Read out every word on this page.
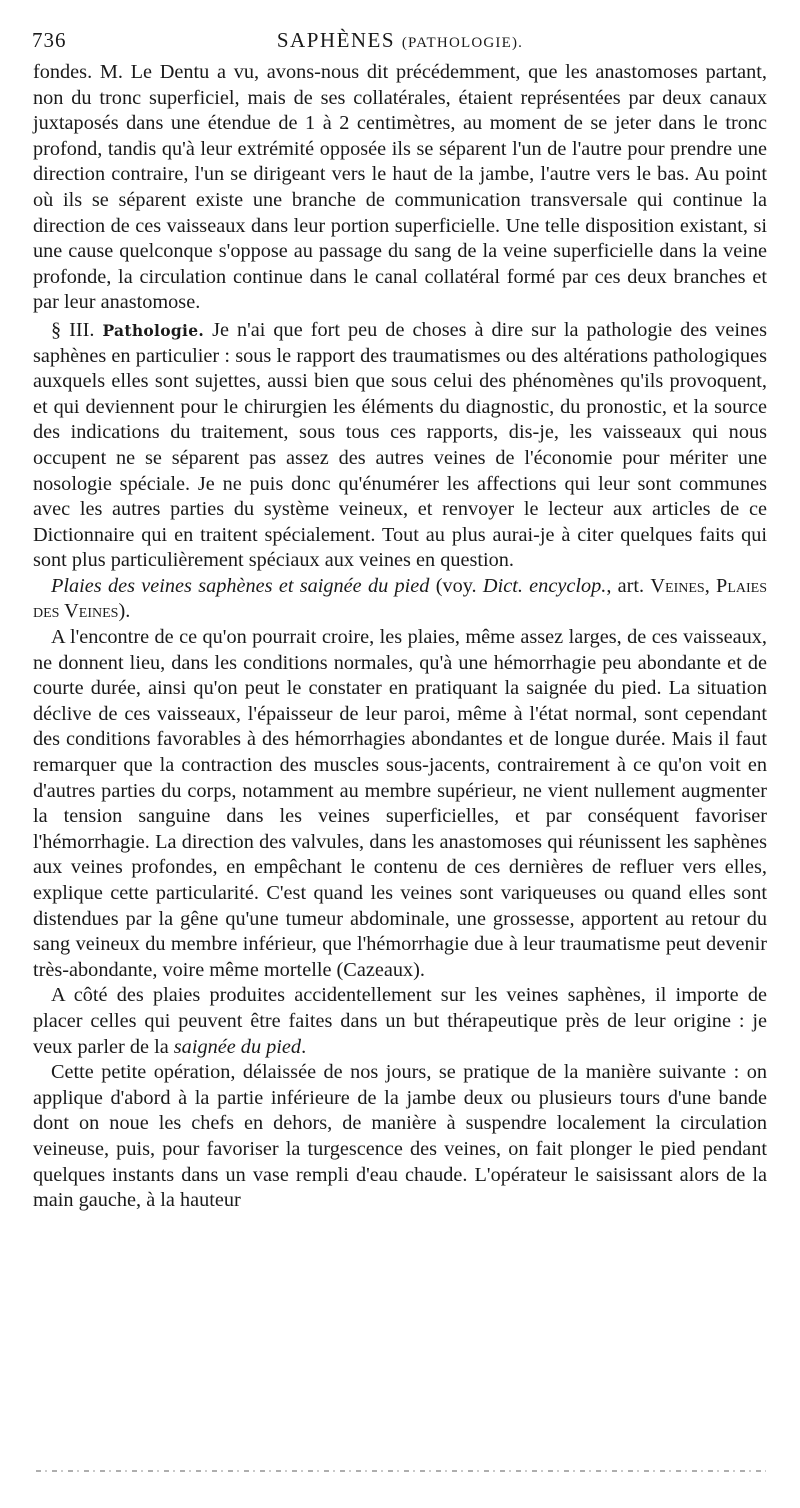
736	SAPHÈNES (PATHOLOGIE).

fondes. M. Le Dentu a vu, avons-nous dit précédemment, que les anastomoses partant, non du tronc superficiel, mais de ses collatérales, étaient représentées par deux canaux juxtaposés dans une étendue de 1 à 2 centimètres, au moment de se jeter dans le tronc profond, tandis qu'à leur extrémité opposée ils se séparent l'un de l'autre pour prendre une direction contraire, l'un se dirigeant vers le haut de la jambe, l'autre vers le bas. Au point où ils se séparent existe une branche de communication transversale qui continue la direction de ces vaisseaux dans leur portion superficielle. Une telle disposition existant, si une cause quelconque s'oppose au passage du sang de la veine superficielle dans la veine profonde, la circulation continue dans le canal collatéral formé par ces deux branches et par leur anastomose.

§ III. Pathologie. Je n'ai que fort peu de choses à dire sur la pathologie des veines saphènes en particulier : sous le rapport des traumatismes ou des altérations pathologiques auxquels elles sont sujettes, aussi bien que sous celui des phénomènes qu'ils provoquent, et qui deviennent pour le chirurgien les éléments du diagnostic, du pronostic, et la source des indications du traitement, sous tous ces rapports, dis-je, les vaisseaux qui nous occupent ne se séparent pas assez des autres veines de l'économie pour mériter une nosologie spéciale. Je ne puis donc qu'énumérer les affections qui leur sont communes avec les autres parties du système veineux, et renvoyer le lecteur aux articles de ce Dictionnaire qui en traitent spécialement. Tout au plus aurai-je à citer quelques faits qui sont plus particulièrement spéciaux aux veines en question.

Plaies des veines saphènes et saignée du pied (voy. Dict. encyclop., art. Veines, Plaies des Veines).

A l'encontre de ce qu'on pourrait croire, les plaies, même assez larges, de ces vaisseaux, ne donnent lieu, dans les conditions normales, qu'à une hémorrhagie peu abondante et de courte durée, ainsi qu'on peut le constater en pratiquant la saignée du pied. La situation déclive de ces vaisseaux, l'épaisseur de leur paroi, même à l'état normal, sont cependant des conditions favorables à des hémorrhagies abondantes et de longue durée. Mais il faut remarquer que la contraction des muscles sous-jacents, contrairement à ce qu'on voit en d'autres parties du corps, notamment au membre supérieur, ne vient nullement augmenter la tension sanguine dans les veines superficielles, et par conséquent favoriser l'hémorrhagie. La direction des valvules, dans les anastomoses qui réunissent les saphènes aux veines profondes, en empêchant le contenu de ces dernières de refluer vers elles, explique cette particularité. C'est quand les veines sont variqueuses ou quand elles sont distendues par la gêne qu'une tumeur abdominale, une grossesse, apportent au retour du sang veineux du membre inférieur, que l'hémorrhagie due à leur traumatisme peut devenir très-abondante, voire même mortelle (Cazeaux).

A côté des plaies produites accidentellement sur les veines saphènes, il importe de placer celles qui peuvent être faites dans un but thérapeutique près de leur origine : je veux parler de la saignée du pied.

Cette petite opération, délaissée de nos jours, se pratique de la manière suivante : on applique d'abord à la partie inférieure de la jambe deux ou plusieurs tours d'une bande dont on noue les chefs en dehors, de manière à suspendre localement la circulation veineuse, puis, pour favoriser la turgescence des veines, on fait plonger le pied pendant quelques instants dans un vase rempli d'eau chaude. L'opérateur le saisissant alors de la main gauche, à la hauteur
